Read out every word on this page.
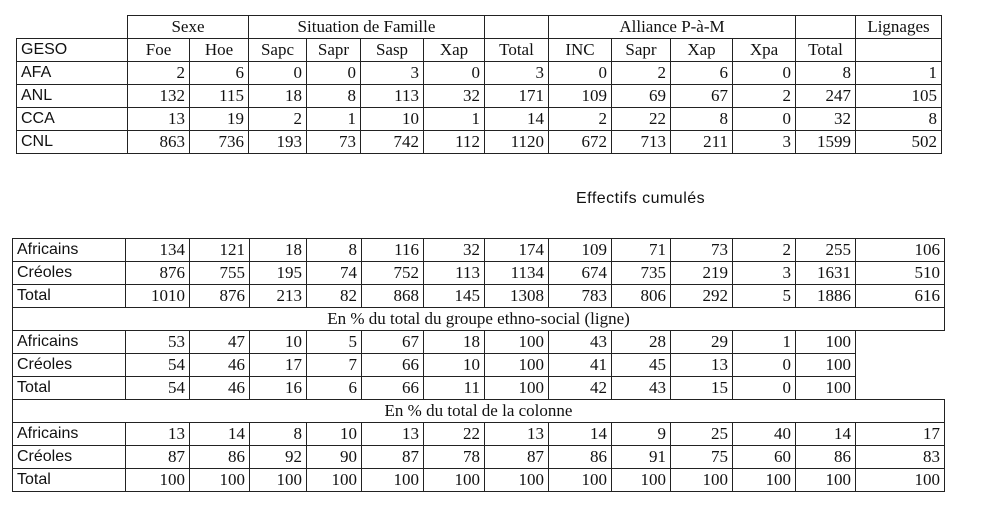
	Sexe		Situation de Famille					Alliance P-à-M					Lignages
GESO	Foe	Hoe	Sapc	Sapr	Sasp	Xap	Total	INC	Sapr	Xap	Xpa	Total	
AFA	2	6	0	0	3	0	3	0	2	6	0	8	1
ANL	132	115	18	8	113	32	171	109	69	67	2	247	105
CCA	13	19	2	1	10	1	14	2	22	8	0	32	8
CNL	863	736	193	73	742	112	1120	672	713	211	3	1599	502
Effectifs cumulés
Africains	134	121	18	8	116	32	174	109	71	73	2	255	106
Créoles	876	755	195	74	752	113	1134	674	735	219	3	1631	510
Total	1010	876	213	82	868	145	1308	783	806	292	5	1886	616
En % du total du groupe ethno-social (ligne)													
Africains	53	47	10	5	67	18	100	43	28	29	1	100	
Créoles	54	46	17	7	66	10	100	41	45	13	0	100	
Total	54	46	16	6	66	11	100	42	43	15	0	100	
En % du total de la colonne													
Africains	13	14	8	10	13	22	13	14	9	25	40	14	17
Créoles	87	86	92	90	87	78	87	86	91	75	60	86	83
Total	100	100	100	100	100	100	100	100	100	100	100	100	100
